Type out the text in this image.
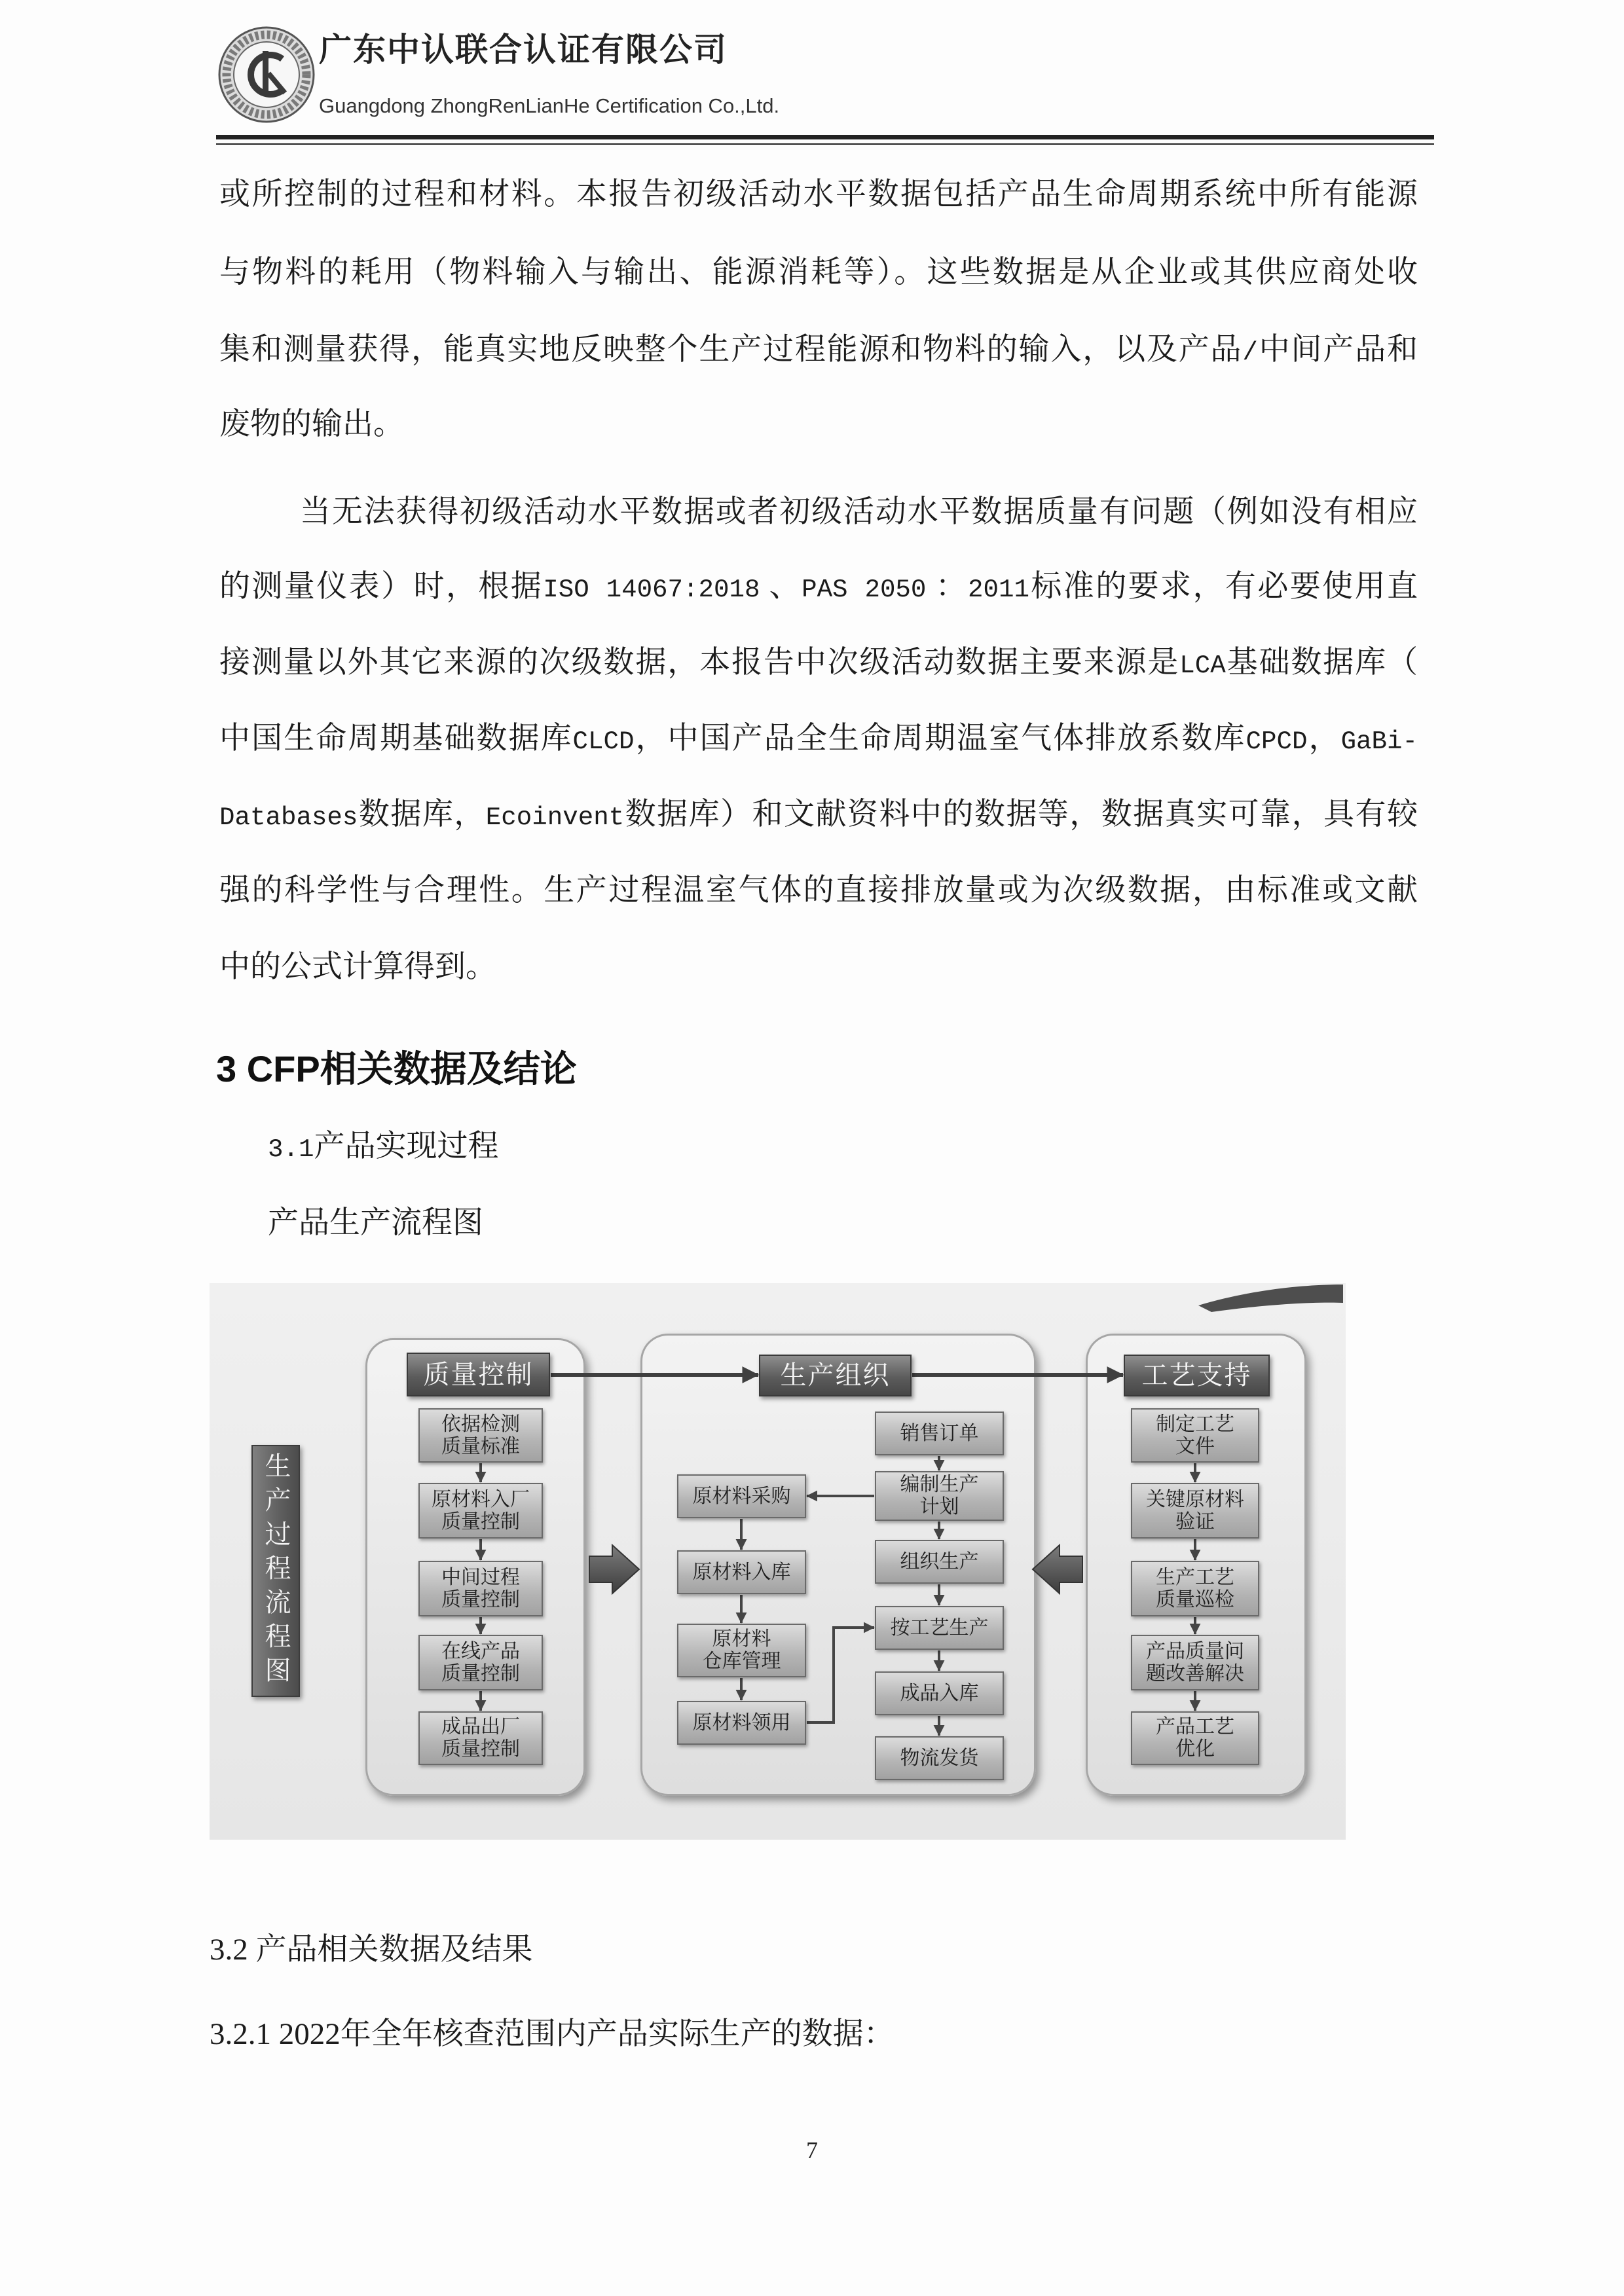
广东中认联合认证有限公司
Guangdong ZhongRenLianHe Certification Co.,Ltd.
或所控制的过程和材料。本报告初级活动水平数据包括产品生命周期系统中所有能源
与物料的耗用（物料输入与输出、能源消耗等）。这些数据是从企业或其供应商处收
集和测量获得，能真实地反映整个生产过程能源和物料的输入，以及产品/中间产品和
废物的输出。
当无法获得初级活动水平数据或者初级活动水平数据质量有问题（例如没有相应
的测量仪表）时，根据ISO 14067:2018 、PAS 2050 ：2011标准的要求，有必要使用直
接测量以外其它来源的次级数据，本报告中次级活动数据主要来源是LCA基础数据库（
中国生命周期基础数据库CLCD，中国产品全生命周期温室气体排放系数库CPCD，GaBi-
Databases数据库，Ecoinvent数据库）和文献资料中的数据等，数据真实可靠，具有较
强的科学性与合理性。生产过程温室气体的直接排放量或为次级数据，由标准或文献
中的公式计算得到。
3 CFP相关数据及结论
3.1产品实现过程
产品生产流程图
生产过程流程图
质量控制	生产组织	工艺支持
依据检测
质量标准
原材料入厂
质量控制
中间过程
质量控制
在线产品
质量控制
成品出厂
质量控制
原材料采购
原材料入库
原材料
仓库管理
原材料领用
销售订单
编制生产
计划
组织生产
按工艺生产
成品入库
物流发货
制定工艺
文件
关键原材料
验证
生产工艺
质量巡检
产品质量问
题改善解决
产品工艺
优化
3.2 产品相关数据及结果
3.2.1 2022年全年核查范围内产品实际生产的数据：
7
